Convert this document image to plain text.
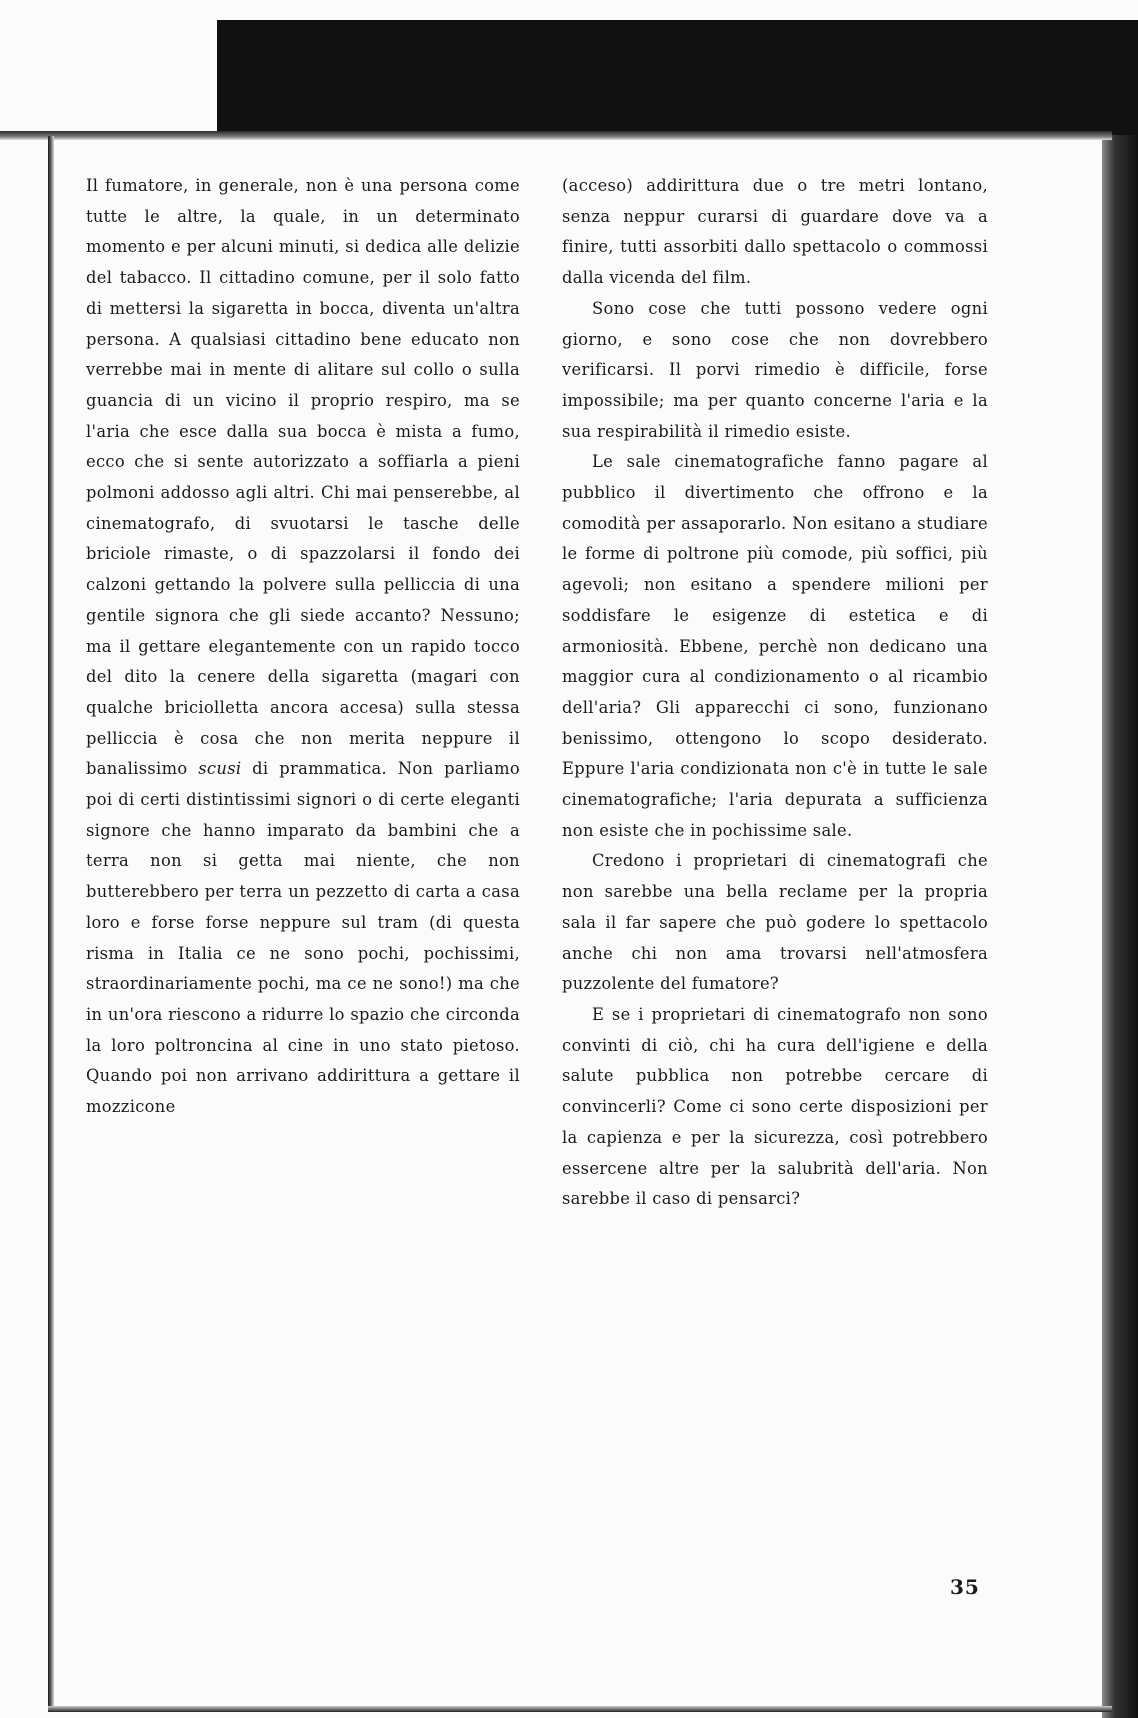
Il fumatore, in generale, non è una persona come tutte le altre, la quale, in un determinato momento e per alcuni minuti, si dedica alle delizie del tabacco. Il cittadino comune, per il solo fatto di mettersi la sigaretta in bocca, diventa un'altra persona. A qualsiasi cittadino bene educato non verrebbe mai in mente di alitare sul collo o sulla guancia di un vicino il proprio respiro, ma se l'aria che esce dalla sua bocca è mista a fumo, ecco che si sente autorizzato a soffiarla a pieni polmoni addosso agli altri. Chi mai penserebbe, al cinematografo, di svuotarsi le tasche delle briciole rimaste, o di spazzolarsi il fondo dei calzoni gettando la polvere sulla pelliccia di una gentile signora che gli siede accanto? Nessuno; ma il gettare elegantemente con un rapido tocco del dito la cenere della sigaretta (magari con qualche briciolletta ancora accesa) sulla stessa pelliccia è cosa che non merita neppure il banalissimo scusi di prammatica. Non parliamo poi di certi distintissimi signori o di certe eleganti signore che hanno imparato da bambini che a terra non si getta mai niente, che non butterebbero per terra un pezzetto di carta a casa loro e forse forse neppure sul tram (di questa risma in Italia ce ne sono pochi, pochissimi, straordinariamente pochi, ma ce ne sono!) ma che in un'ora riescono a ridurre lo spazio che circonda la loro poltroncina al cine in uno stato pietoso. Quando poi non arrivano addirittura a gettare il mozzicone

(acceso) addirittura due o tre metri lontano, senza neppur curarsi di guardare dove va a finire, tutti assorbiti dallo spettacolo o commossi dalla vicenda del film.

Sono cose che tutti possono vedere ogni giorno, e sono cose che non dovrebbero verificarsi. Il porvi rimedio è difficile, forse impossibile; ma per quanto concerne l'aria e la sua respirabilità il rimedio esiste.

Le sale cinematografiche fanno pagare al pubblico il divertimento che offrono e la comodità per assaporarlo. Non esitano a studiare le forme di poltrone più comode, più soffici, più agevoli; non esitano a spendere milioni per soddisfare le esigenze di estetica e di armoniosità. Ebbene, perchè non dedicano una maggior cura al condizionamento o al ricambio dell'aria? Gli apparecchi ci sono, funzionano benissimo, ottengono lo scopo desiderato. Eppure l'aria condizionata non c'è in tutte le sale cinematografiche; l'aria depurata a sufficienza non esiste che in pochissime sale.

Credono i proprietari di cinematografi che non sarebbe una bella reclame per la propria sala il far sapere che può godere lo spettacolo anche chi non ama trovarsi nell'atmosfera puzzolente del fumatore?

E se i proprietari di cinematografo non sono convinti di ciò, chi ha cura dell'igiene e della salute pubblica non potrebbe cercare di convincerli? Come ci sono certe disposizioni per la capienza e per la sicurezza, così potrebbero essercene altre per la salubrità dell'aria. Non sarebbe il caso di pensarci?

35
